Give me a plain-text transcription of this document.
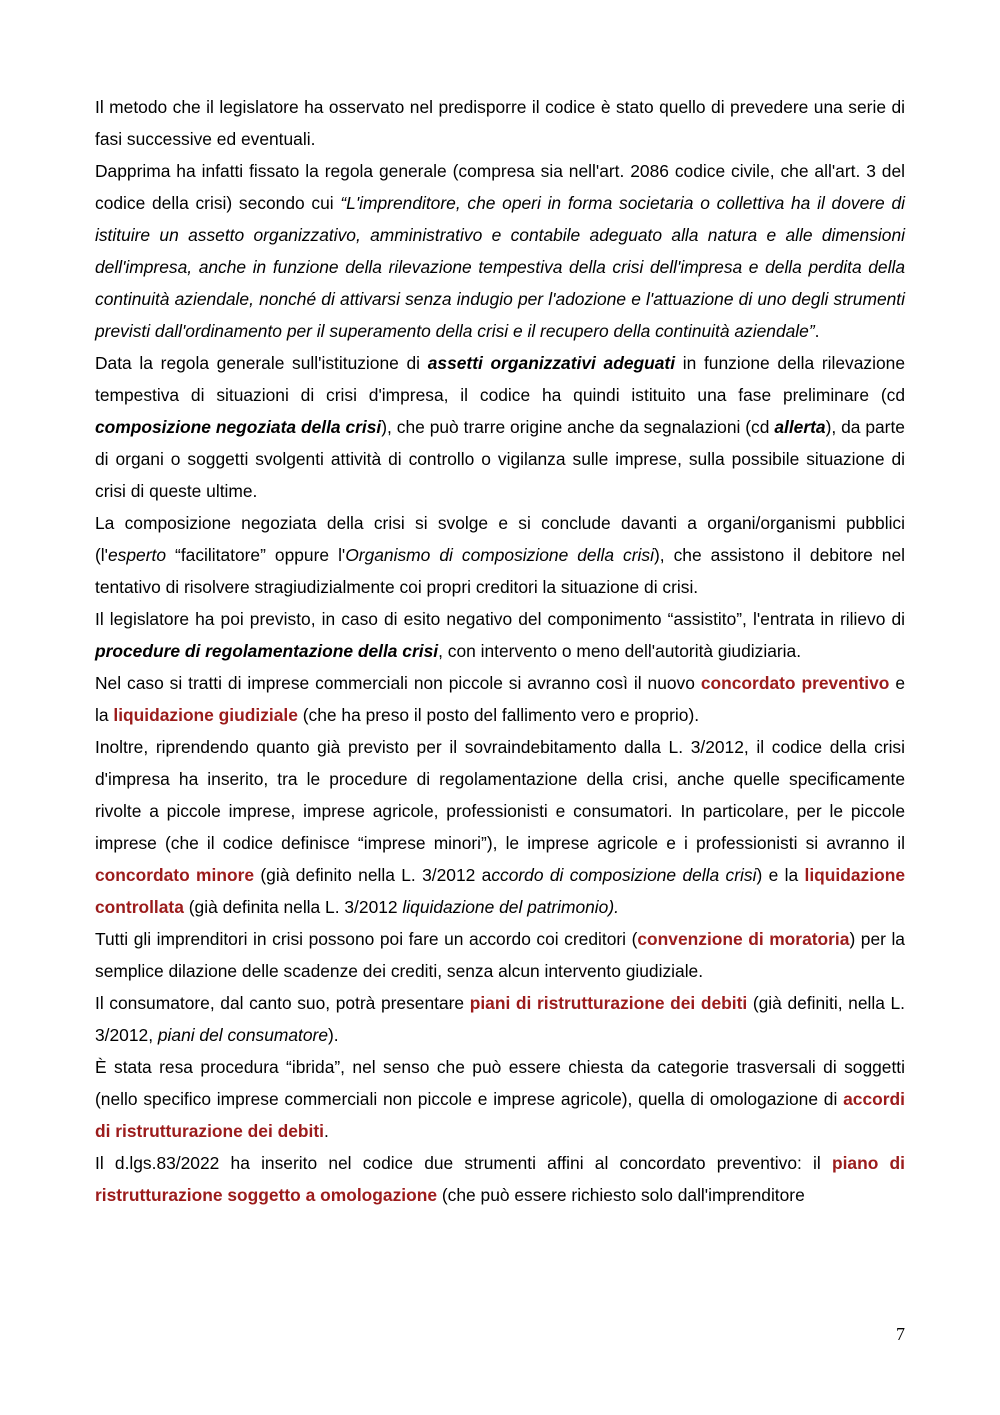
Il metodo che il legislatore ha osservato nel predisporre il codice è stato quello di prevedere una serie di fasi successive ed eventuali.

Dapprima ha infatti fissato la regola generale (compresa sia nell'art. 2086 codice civile, che all'art. 3 del codice della crisi) secondo cui “L'imprenditore, che operi in forma societaria o collettiva ha il dovere di istituire un assetto organizzativo, amministrativo e contabile adeguato alla natura e alle dimensioni dell'impresa, anche in funzione della rilevazione tempestiva della crisi dell'impresa e della perdita della continuità aziendale, nonché di attivarsi senza indugio per l'adozione e l'attuazione di uno degli strumenti previsti dall'ordinamento per il superamento della crisi e il recupero della continuità aziendale”.

Data la regola generale sull'istituzione di assetti organizzativi adeguati in funzione della rilevazione tempestiva di situazioni di crisi d'impresa, il codice ha quindi istituito una fase preliminare (cd composizione negoziata della crisi), che può trarre origine anche da segnalazioni (cd allerta), da parte di organi o soggetti svolgenti attività di controllo o vigilanza sulle imprese, sulla possibile situazione di crisi di queste ultime.

La composizione negoziata della crisi si svolge e si conclude davanti a organi/organismi pubblici (l'esperto “facilitatore” oppure l'Organismo di composizione della crisi), che assistono il debitore nel tentativo di risolvere stragiudizialmente coi propri creditori la situazione di crisi.

Il legislatore ha poi previsto, in caso di esito negativo del componimento “assistito”, l'entrata in rilievo di procedure di regolamentazione della crisi, con intervento o meno dell'autorità giudiziaria.

Nel caso si tratti di imprese commerciali non piccole si avranno così il nuovo concordato preventivo e la liquidazione giudiziale (che ha preso il posto del fallimento vero e proprio).

Inoltre, riprendendo quanto già previsto per il sovraindebitamento dalla L. 3/2012, il codice della crisi d'impresa ha inserito, tra le procedure di regolamentazione della crisi, anche quelle specificamente rivolte a piccole imprese, imprese agricole, professionisti e consumatori. In particolare, per le piccole imprese (che il codice definisce “imprese minori”), le imprese agricole e i professionisti si avranno il concordato minore (già definito nella L. 3/2012 accordo di composizione della crisi) e la liquidazione controllata (già definita nella L. 3/2012 liquidazione del patrimonio).

Tutti gli imprenditori in crisi possono poi fare un accordo coi creditori (convenzione di moratoria) per la semplice dilazione delle scadenze dei crediti, senza alcun intervento giudiziale.

Il consumatore, dal canto suo, potrà presentare piani di ristrutturazione dei debiti (già definiti, nella L. 3/2012, piani del consumatore).

È stata resa procedura “ibrida”, nel senso che può essere chiesta da categorie trasversali di soggetti (nello specifico imprese commerciali non piccole e imprese agricole), quella di omologazione di accordi di ristrutturazione dei debiti.

Il d.lgs.83/2022 ha inserito nel codice due strumenti affini al concordato preventivo: il piano di ristrutturazione soggetto a omologazione (che può essere richiesto solo dall'imprenditore

7
